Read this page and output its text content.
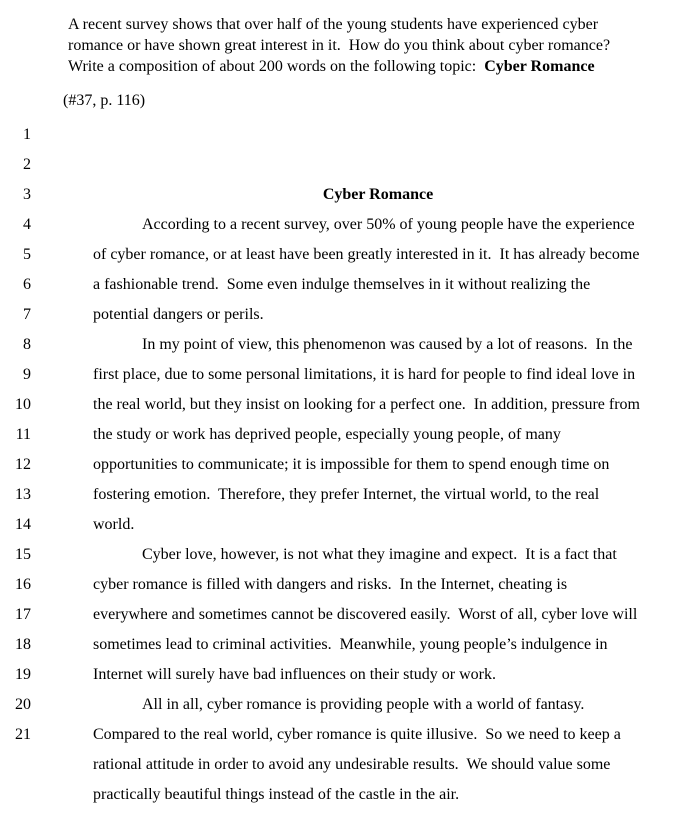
A recent survey shows that over half of the young students have experienced cyber
romance or have shown great interest in it.  How do you think about cyber romance?
Write a composition of about 200 words on the following topic:  Cyber Romance
(#37, p. 116)

1

Cyber Romance

2

According to a recent survey, over 50% of young people have the experience

3

of cyber romance, or at least have been greatly interested in it.  It has already become

4

a fashionable trend.  Some even indulge themselves in it without realizing the

5

potential dangers or perils.

6

In my point of view, this phenomenon was caused by a lot of reasons.  In the

7

first place, due to some personal limitations, it is hard for people to find ideal love in

8

the real world, but they insist on looking for a perfect one.  In addition, pressure from

9

the study or work has deprived people, especially young people, of many

10

opportunities to communicate; it is impossible for them to spend enough time on

11

fostering emotion.  Therefore, they prefer Internet, the virtual world, to the real

12

world.

13

Cyber love, however, is not what they imagine and expect.  It is a fact that

14

cyber romance is filled with dangers and risks.  In the Internet, cheating is

15

everywhere and sometimes cannot be discovered easily.  Worst of all, cyber love will

16

sometimes lead to criminal activities.  Meanwhile, young people’s indulgence in

17

Internet will surely have bad influences on their study or work.

18

All in all, cyber romance is providing people with a world of fantasy.

19

Compared to the real world, cyber romance is quite illusive.  So we need to keep a

20

rational attitude in order to avoid any undesirable results.  We should value some

21

practically beautiful things instead of the castle in the air.
